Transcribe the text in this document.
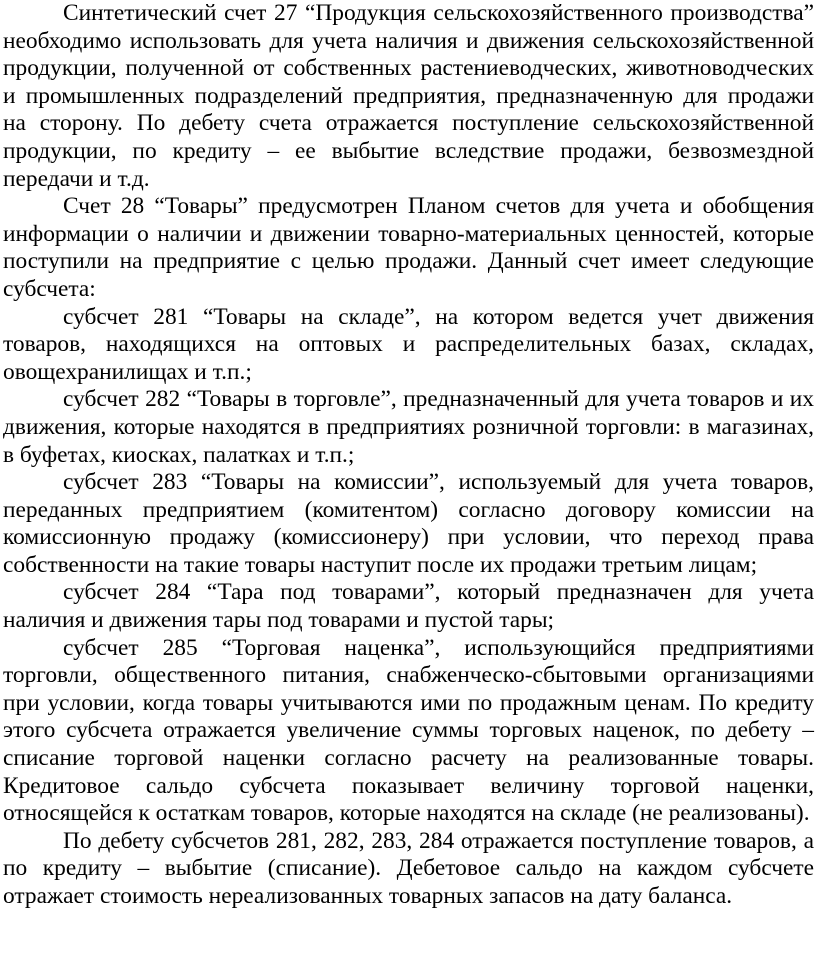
Синтетический счет 27 “Продукция сельскохозяйственного производства” необходимо использовать для учета наличия и движения сельскохозяйственной продукции, полученной от собственных растениеводческих, животноводческих и промышленных подразделений предприятия, предназначенную для продажи на сторону. По дебету счета отражается поступление сельскохозяйственной продукции, по кредиту – ее выбытие вследствие продажи, безвозмездной передачи и т.д.

Счет 28 “Товары” предусмотрен Планом счетов для учета и обобщения информации о наличии и движении товарно-материальных ценностей, которые поступили на предприятие с целью продажи. Данный счет имеет следующие субсчета:

субсчет 281 “Товары на складе”, на котором ведется учет движения товаров, находящихся на оптовых и распределительных базах, складах, овощехранилищах и т.п.;

субсчет 282 “Товары в торговле”, предназначенный для учета товаров и их движения, которые находятся в предприятиях розничной торговли: в магазинах, в буфетах, киосках, палатках и т.п.;

субсчет 283 “Товары на комиссии”, используемый для учета товаров, переданных предприятием (комитентом) согласно договору комиссии на комиссионную продажу (комиссионеру) при условии, что переход права собственности на такие товары наступит после их продажи третьим лицам;

субсчет 284 “Тара под товарами”, который предназначен для учета наличия и движения тары под товарами и пустой тары;

субсчет 285 “Торговая наценка”, использующийся предприятиями торговли, общественного питания, снабженческо-сбытовыми организациями при условии, когда товары учитываются ими по продажным ценам. По кредиту этого субсчета отражается увеличение суммы торговых наценок, по дебету – списание торговой наценки согласно расчету на реализованные товары. Кредитовое сальдо субсчета показывает величину торговой наценки, относящейся к остаткам товаров, которые находятся на складе (не реализованы).

По дебету субсчетов 281, 282, 283, 284 отражается поступление товаров, а по кредиту – выбытие (списание). Дебетовое сальдо на каждом субсчете отражает стоимость нереализованных товарных запасов на дату баланса.
